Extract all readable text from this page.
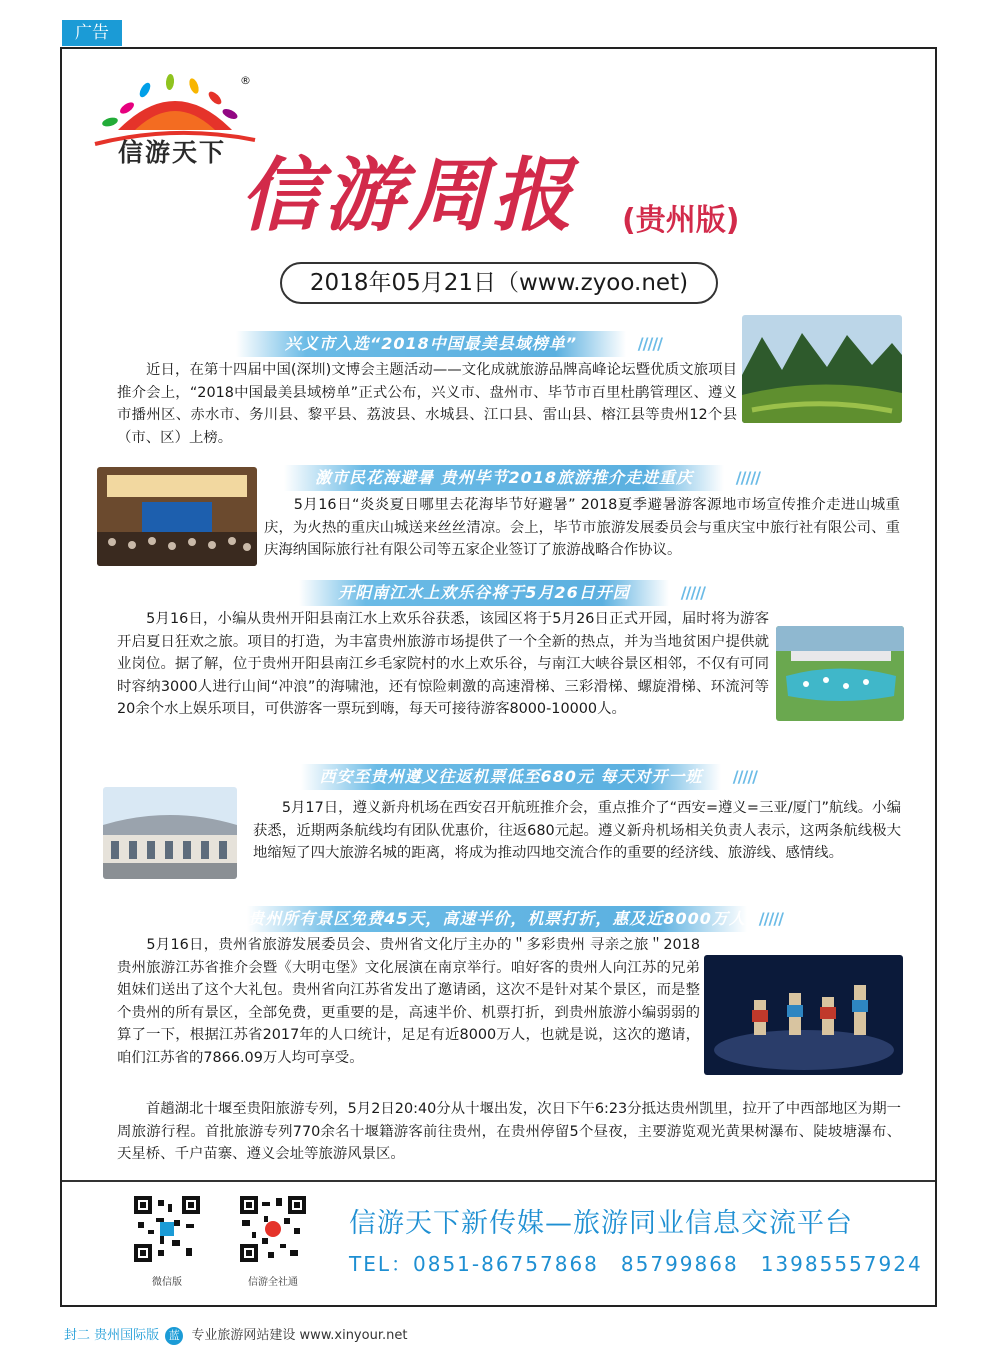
广告
®
信游天下 信游周报 (贵州版)
2018年05月21日（www.zyoo.net)
兴义市入选“2018中国最美县域榜单” /////

　　近日，在第十四届中国(深圳)文博会主题活动——文化成就旅游品牌高峰论坛暨优质文旅项目推介会上，“2018中国最美县域榜单”正式公布，兴义市、盘州市、毕节市百里杜鹃管理区、遵义市播州区、赤水市、务川县、黎平县、荔波县、水城县、江口县、雷山县、榕江县等贵州12个县（市、区）上榜。

激市民花海避暑 贵州毕节2018旅游推介走进重庆 /////

　　5月16日“炎炎夏日哪里去花海毕节好避暑” 2018夏季避暑游客源地市场宣传推介走进山城重庆，为火热的重庆山城送来丝丝清凉。会上，毕节市旅游发展委员会与重庆宝中旅行社有限公司、重庆海纳国际旅行社有限公司等五家企业签订了旅游战略合作协议。

开阳南江水上欢乐谷将于5月26日开园 /////

　　5月16日，小编从贵州开阳县南江水上欢乐谷获悉，该园区将于5月26日正式开园，届时将为游客开启夏日狂欢之旅。项目的打造，为丰富贵州旅游市场提供了一个全新的热点，并为当地贫困户提供就业岗位。据了解，位于贵州开阳县南江乡毛家院村的水上欢乐谷，与南江大峡谷景区相邻，不仅有可同时容纳3000人进行山间“冲浪”的海啸池，还有惊险刺激的高速滑梯、三彩滑梯、螺旋滑梯、环流河等20余个水上娱乐项目，可供游客一票玩到嗨，每天可接待游客8000-10000人。

西安至贵州遵义往返机票低至680元 每天对开一班 /////

　　5月17日，遵义新舟机场在西安召开航班推介会，重点推介了“西安=遵义=三亚/厦门”航线。小编获悉，近期两条航线均有团队优惠价，往返680元起。遵义新舟机场相关负责人表示，这两条航线极大地缩短了四大旅游名城的距离，将成为推动四地交流合作的重要的经济线、旅游线、感情线。

贵州所有景区免费45天，高速半价，机票打折，惠及近8000万人 /////

　　5月16日，贵州省旅游发展委员会、贵州省文化厅主办的＂多彩贵州 寻亲之旅＂2018 贵州旅游江苏省推介会暨《大明屯堡》文化展演在南京举行。咱好客的贵州人向江苏的兄弟姐妹们送出了这个大礼包。贵州省向江苏省发出了邀请函，这次不是针对某个景区，而是整个贵州的所有景区，全部免费，更重要的是，高速半价、机票打折，到贵州旅游小编弱弱的算了一下，根据江苏省2017年的人口统计，足足有近8000万人，也就是说，这次的邀请，咱们江苏省的7866.09万人均可享受。

　　首趟湖北十堰至贵阳旅游专列，5月2日20:40分从十堰出发，次日下午6:23分抵达贵州凯里，拉开了中西部地区为期一周旅游行程。首批旅游专列770余名十堰籍游客前往贵州，在贵州停留5个昼夜，主要游览观光黄果树瀑布、陡坡塘瀑布、天星桥、千户苗寨、遵义会址等旅游风景区。

微信版	信游全社通
信游天下新传媒—旅游同业信息交流平台
TEL：0851-86757868　85799868　13985557924
封二 贵州国际版 蓝 专业旅游网站建设 www.xinyour.net
